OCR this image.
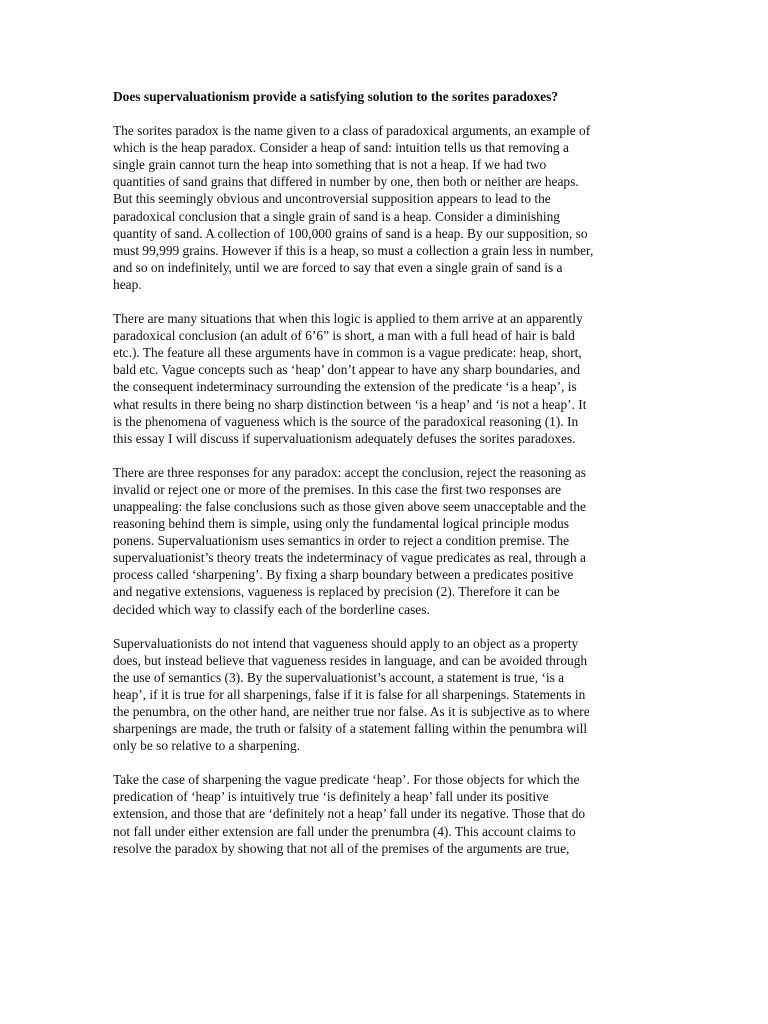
Does supervaluationism provide a satisfying solution to the sorites paradoxes?
The sorites paradox is the name given to a class of paradoxical arguments, an example of
which is the heap paradox. Consider a heap of sand: intuition tells us that removing a
single grain cannot turn the heap into something that is not a heap. If we had two
quantities of sand grains that differed in number by one, then both or neither are heaps.
But this seemingly obvious and uncontroversial supposition appears to lead to the
paradoxical conclusion that a single grain of sand is a heap. Consider a diminishing
quantity of sand. A collection of 100,000 grains of sand is a heap. By our supposition, so
must 99,999 grains. However if this is a heap, so must a collection a grain less in number,
and so on indefinitely, until we are forced to say that even a single grain of sand is a
heap.
There are many situations that when this logic is applied to them arrive at an apparently
paradoxical conclusion (an adult of 6’6” is short, a man with a full head of hair is bald
etc.). The feature all these arguments have in common is a vague predicate: heap, short,
bald etc. Vague concepts such as ‘heap’ don’t appear to have any sharp boundaries, and
the consequent indeterminacy surrounding the extension of the predicate ‘is a heap’, is
what results in there being no sharp distinction between ‘is a heap’ and ‘is not a heap’. It
is the phenomena of vagueness which is the source of the paradoxical reasoning (1). In
this essay I will discuss if supervaluationism adequately defuses the sorites paradoxes.
There are three responses for any paradox: accept the conclusion, reject the reasoning as
invalid or reject one or more of the premises. In this case the first two responses are
unappealing: the false conclusions such as those given above seem unacceptable and the
reasoning behind them is simple, using only the fundamental logical principle modus
ponens. Supervaluationism uses semantics in order to reject a condition premise. The
supervaluationist’s theory treats the indeterminacy of vague predicates as real, through a
process called ‘sharpening’. By fixing a sharp boundary between a predicates positive
and negative extensions, vagueness is replaced by precision (2). Therefore it can be
decided which way to classify each of the borderline cases.
Supervaluationists do not intend that vagueness should apply to an object as a property
does, but instead believe that vagueness resides in language, and can be avoided through
the use of semantics (3). By the supervaluationist’s account, a statement is true, ‘is a
heap’, if it is true for all sharpenings, false if it is false for all sharpenings. Statements in
the penumbra, on the other hand, are neither true nor false. As it is subjective as to where
sharpenings are made, the truth or falsity of a statement falling within the penumbra will
only be so relative to a sharpening.
Take the case of sharpening the vague predicate ‘heap’. For those objects for which the
predication of ‘heap’ is intuitively true ‘is definitely a heap’ fall under its positive
extension, and those that are ‘definitely not a heap’ fall under its negative. Those that do
not fall under either extension are fall under the prenumbra (4). This account claims to
resolve the paradox by showing that not all of the premises of the arguments are true,
